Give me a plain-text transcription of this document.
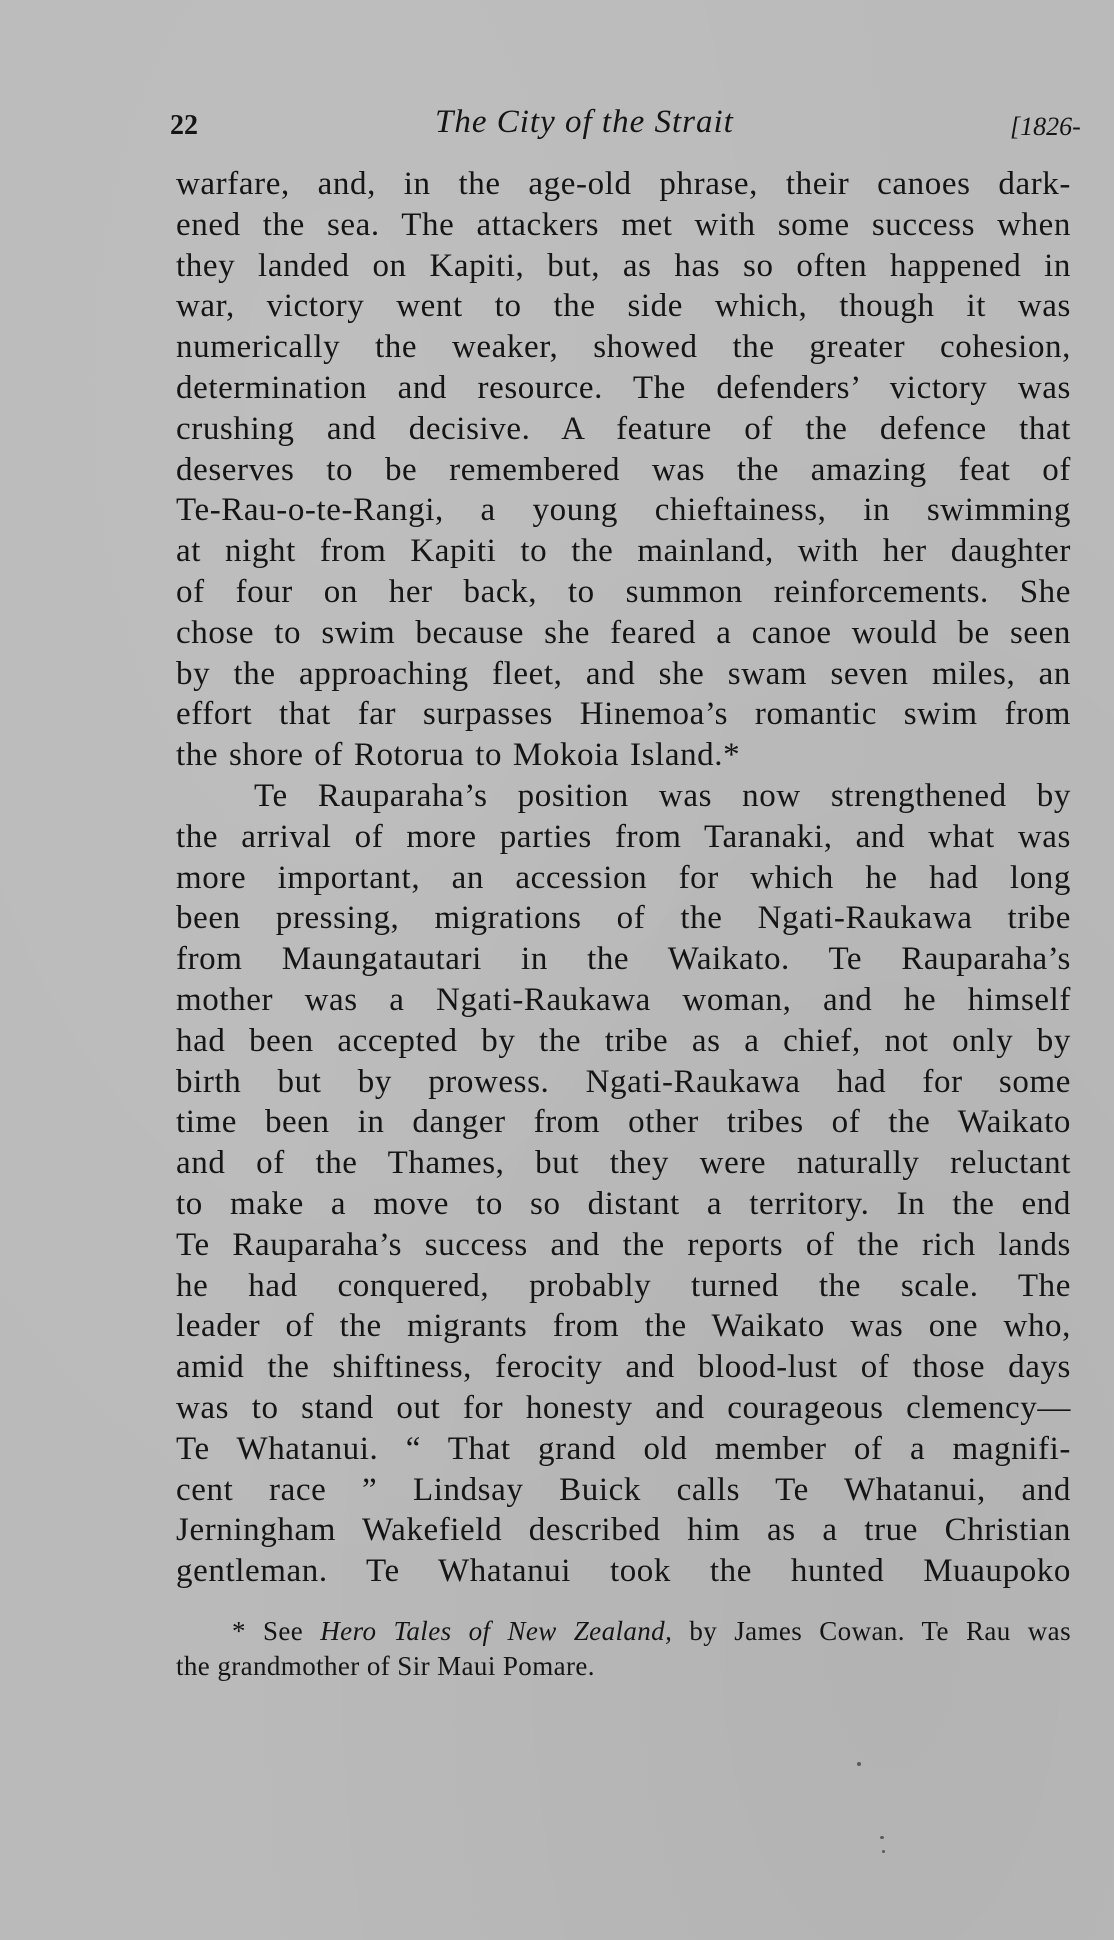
22	The City of the Strait	[1826-
warfare, and, in the age-old phrase, their canoes dark-
ened the sea. The attackers met with some success when
they landed on Kapiti, but, as has so often happened in
war, victory went to the side which, though it was
numerically the weaker, showed the greater cohesion,
determination and resource. The defenders’ victory was
crushing and decisive. A feature of the defence that
deserves to be remembered was the amazing feat of
Te-Rau-o-te-Rangi, a young chieftainess, in swimming
at night from Kapiti to the mainland, with her daughter
of four on her back, to summon reinforcements. She
chose to swim because she feared a canoe would be seen
by the approaching fleet, and she swam seven miles, an
effort that far surpasses Hinemoa’s romantic swim from
the shore of Rotorua to Mokoia Island.*
Te Rauparaha’s position was now strengthened by
the arrival of more parties from Taranaki, and what was
more important, an accession for which he had long
been pressing, migrations of the Ngati-Raukawa tribe
from Maungatautari in the Waikato. Te Rauparaha’s
mother was a Ngati-Raukawa woman, and he himself
had been accepted by the tribe as a chief, not only by
birth but by prowess. Ngati-Raukawa had for some
time been in danger from other tribes of the Waikato
and of the Thames, but they were naturally reluctant
to make a move to so distant a territory. In the end
Te Rauparaha’s success and the reports of the rich lands
he had conquered, probably turned the scale. The
leader of the migrants from the Waikato was one who,
amid the shiftiness, ferocity and blood-lust of those days
was to stand out for honesty and courageous clemency—
Te Whatanui. “ That grand old member of a magnifi-
cent race ” Lindsay Buick calls Te Whatanui, and
Jerningham Wakefield described him as a true Christian
gentleman. Te Whatanui took the hunted Muaupoko
* See Hero Tales of New Zealand, by James Cowan. Te Rau was
the grandmother of Sir Maui Pomare.
